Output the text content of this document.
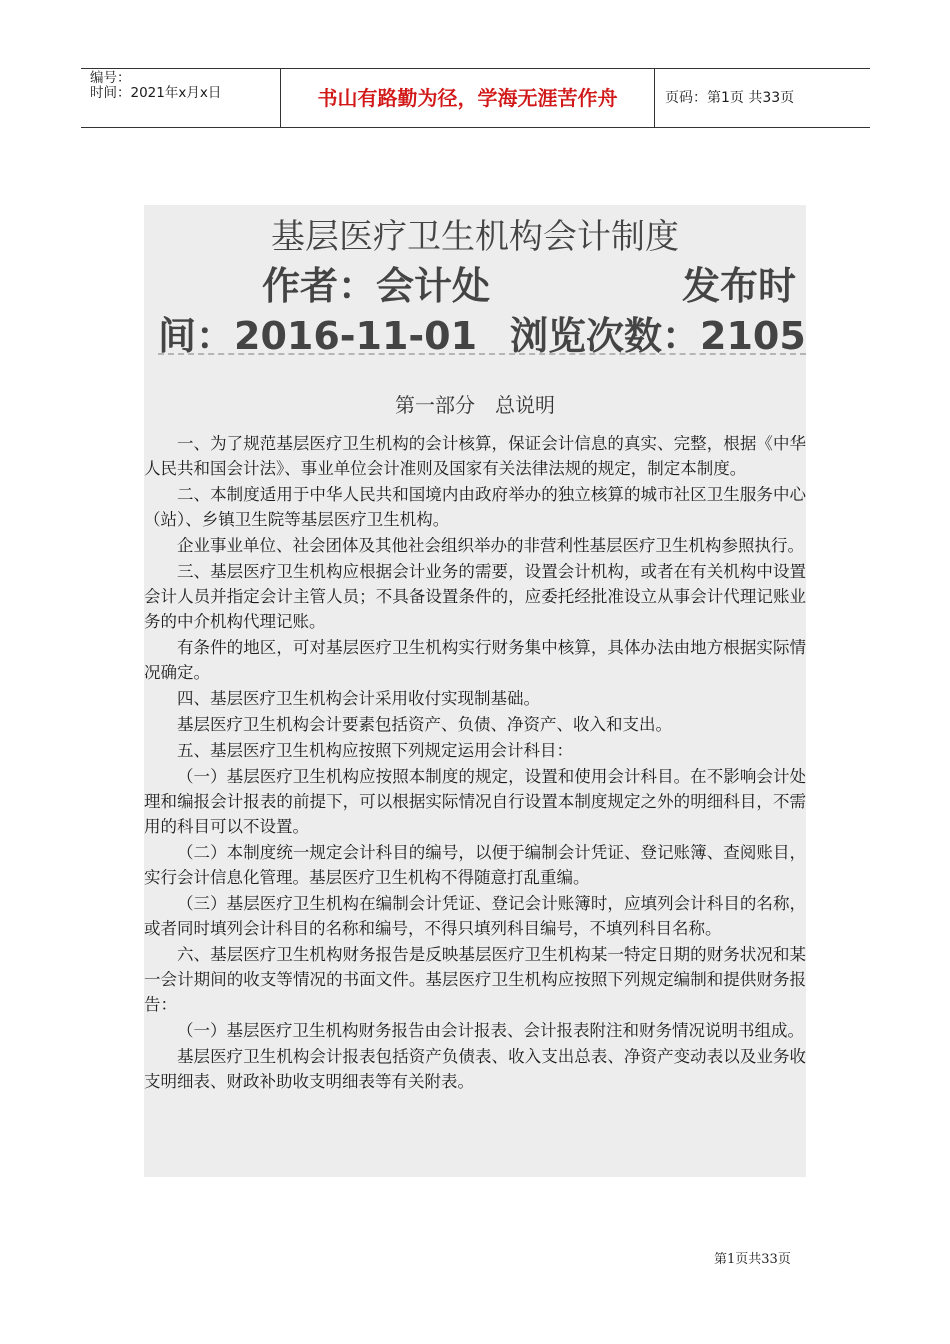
编号：
时间：2021年x月x日	书山有路勤为径，学海无涯苦作舟	页码：第1页 共33页
基层医疗卫生机构会计制度
作者：会计处	发布时
间：2016-11-01 浏览次数：2105
第一部分　总说明

一、为了规范基层医疗卫生机构的会计核算，保证会计信息的真实、完整，根据《中华人民共和国会计法》、事业单位会计准则及国家有关法律法规的规定，制定本制度。

二、本制度适用于中华人民共和国境内由政府举办的独立核算的城市社区卫生服务中心（站）、乡镇卫生院等基层医疗卫生机构。

企业事业单位、社会团体及其他社会组织举办的非营利性基层医疗卫生机构参照执行。

三、基层医疗卫生机构应根据会计业务的需要，设置会计机构，或者在有关机构中设置会计人员并指定会计主管人员；不具备设置条件的，应委托经批准设立从事会计代理记账业务的中介机构代理记账。

有条件的地区，可对基层医疗卫生机构实行财务集中核算，具体办法由地方根据实际情况确定。

四、基层医疗卫生机构会计采用收付实现制基础。

基层医疗卫生机构会计要素包括资产、负债、净资产、收入和支出。

五、基层医疗卫生机构应按照下列规定运用会计科目：

（一）基层医疗卫生机构应按照本制度的规定，设置和使用会计科目。在不影响会计处理和编报会计报表的前提下，可以根据实际情况自行设置本制度规定之外的明细科目，不需用的科目可以不设置。

（二）本制度统一规定会计科目的编号，以便于编制会计凭证、登记账簿、查阅账目，实行会计信息化管理。基层医疗卫生机构不得随意打乱重编。

（三）基层医疗卫生机构在编制会计凭证、登记会计账簿时，应填列会计科目的名称，或者同时填列会计科目的名称和编号，不得只填列科目编号，不填列科目名称。

六、基层医疗卫生机构财务报告是反映基层医疗卫生机构某一特定日期的财务状况和某一会计期间的收支等情况的书面文件。基层医疗卫生机构应按照下列规定编制和提供财务报告：

（一）基层医疗卫生机构财务报告由会计报表、会计报表附注和财务情况说明书组成。

基层医疗卫生机构会计报表包括资产负债表、收入支出总表、净资产变动表以及业务收支明细表、财政补助收支明细表等有关附表。

第1页共33页
